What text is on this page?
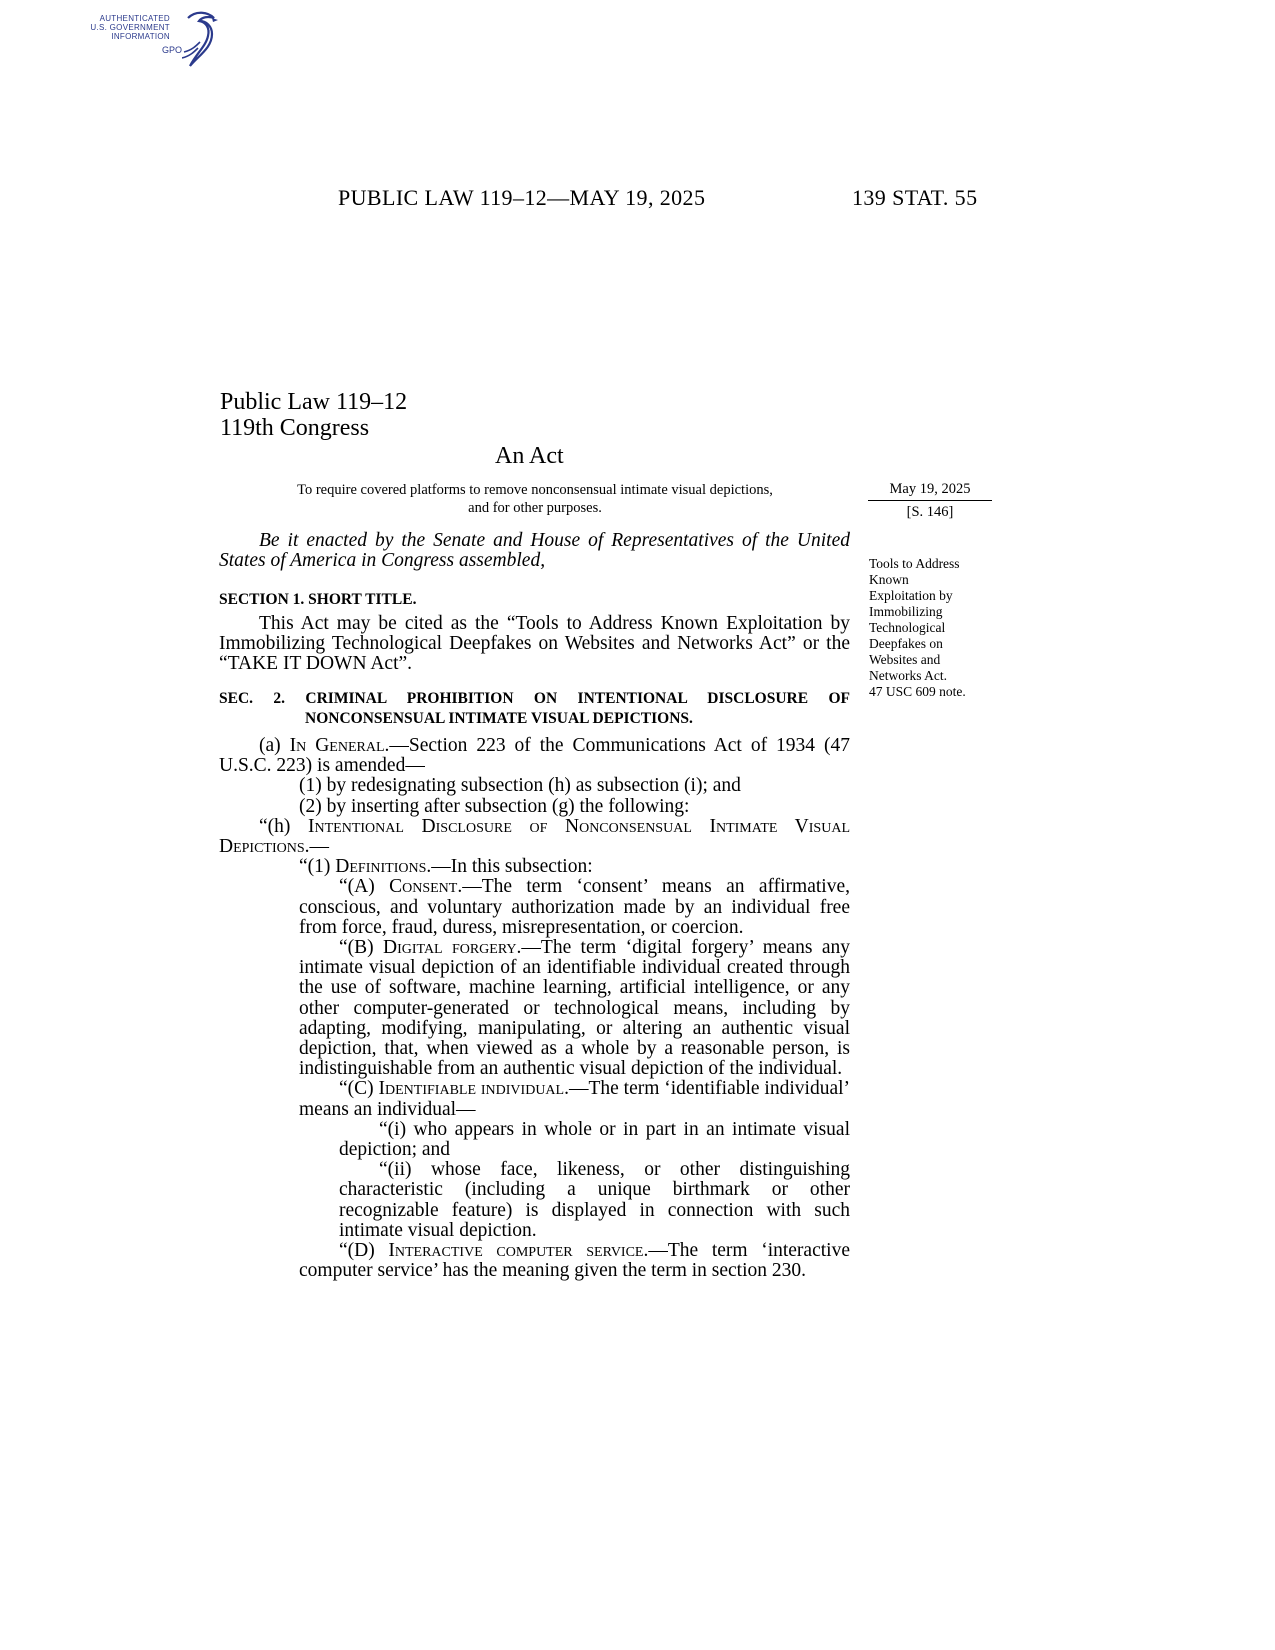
AUTHENTICATED
U.S. GOVERNMENT
INFORMATION
GPO
PUBLIC LAW 119–12—MAY 19, 2025	139 STAT. 55
Public Law 119–12
119th Congress
An Act
To require covered platforms to remove nonconsensual intimate visual depictions,
and for other purposes.
May 19, 2025
[S. 146]
Tools to Address
Known
Exploitation by
Immobilizing
Technological
Deepfakes on
Websites and
Networks Act.
47 USC 609 note.

Be it enacted by the Senate and House of Representatives of the United States of America in Congress assembled,

SECTION 1. SHORT TITLE.

This Act may be cited as the “Tools to Address Known Exploitation by Immobilizing Technological Deepfakes on Websites and Networks Act” or the “TAKE IT DOWN Act”.

SEC. 2. CRIMINAL PROHIBITION ON INTENTIONAL DISCLOSURE OF
NONCONSENSUAL INTIMATE VISUAL DEPICTIONS.

(a) In General.—Section 223 of the Communications Act of 1934 (47 U.S.C. 223) is amended—

(1) by redesignating subsection (h) as subsection (i); and

(2) by inserting after subsection (g) the following:

“(h) Intentional Disclosure of Nonconsensual Intimate Visual Depictions.—

“(1) Definitions.—In this subsection:

“(A) Consent.—The term ‘consent’ means an affirmative, conscious, and voluntary authorization made by an individual free from force, fraud, duress, misrepresentation, or coercion.

“(B) Digital forgery.—The term ‘digital forgery’ means any intimate visual depiction of an identifiable individual created through the use of software, machine learning, artificial intelligence, or any other computer-generated or technological means, including by adapting, modifying, manipulating, or altering an authentic visual depiction, that, when viewed as a whole by a reasonable person, is indistinguishable from an authentic visual depiction of the individual.

“(C) Identifiable individual.—The term ‘identifiable individual’ means an individual—

“(i) who appears in whole or in part in an intimate visual depiction; and

“(ii) whose face, likeness, or other distinguishing characteristic (including a unique birthmark or other recognizable feature) is displayed in connection with such intimate visual depiction.

“(D) Interactive computer service.—The term ‘interactive computer service’ has the meaning given the term in section 230.
